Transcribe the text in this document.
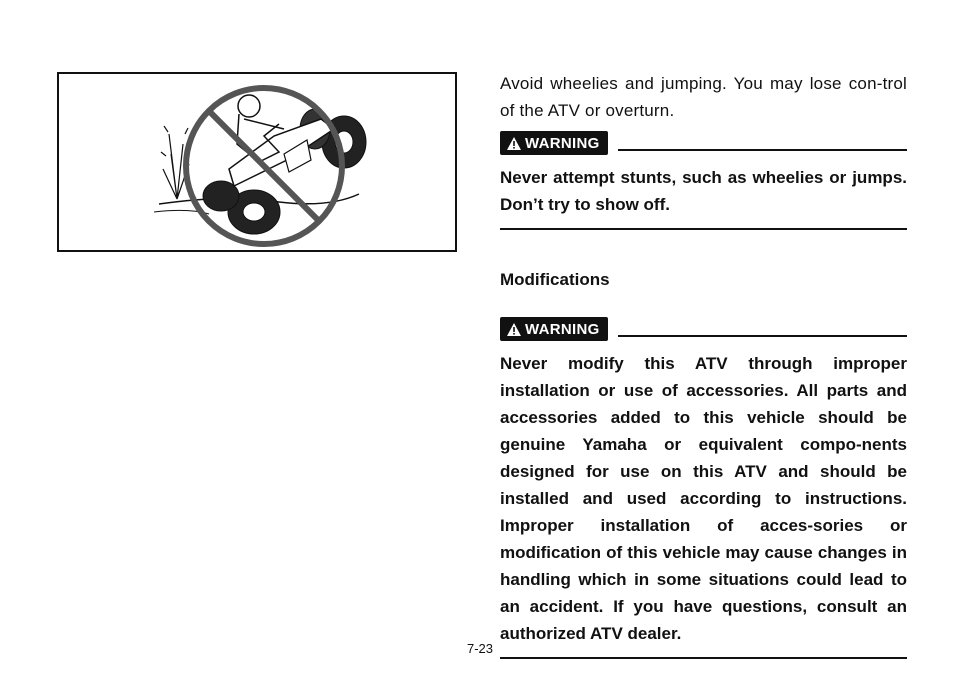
Avoid wheelies and jumping. You may lose con-trol of the ATV or overturn.

WARNING

Never attempt stunts, such as wheelies or jumps. Don’t try to show off.

Modifications

WARNING

Never modify this ATV through improper installation or use of accessories. All parts and accessories added to this vehicle should be genuine Yamaha or equivalent compo-nents designed for use on this ATV and should be installed and used according to instructions. Improper installation of acces-sories or modification of this vehicle may cause changes in handling which in some situations could lead to an accident. If you have questions, consult an authorized ATV dealer.

7-23
